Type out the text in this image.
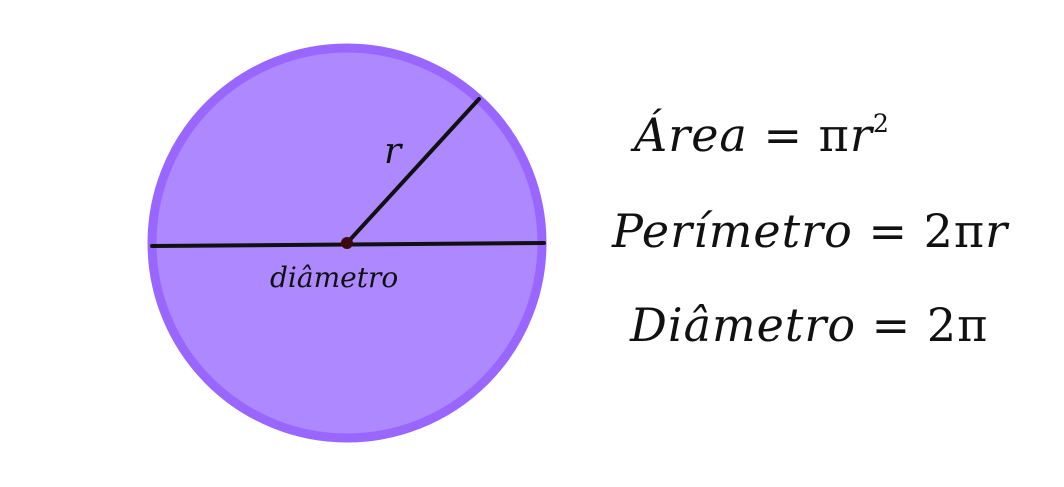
r
diâmetro
Área = $\pi r^2$
Perímetro = 2πr
Diâmetro = 2π
